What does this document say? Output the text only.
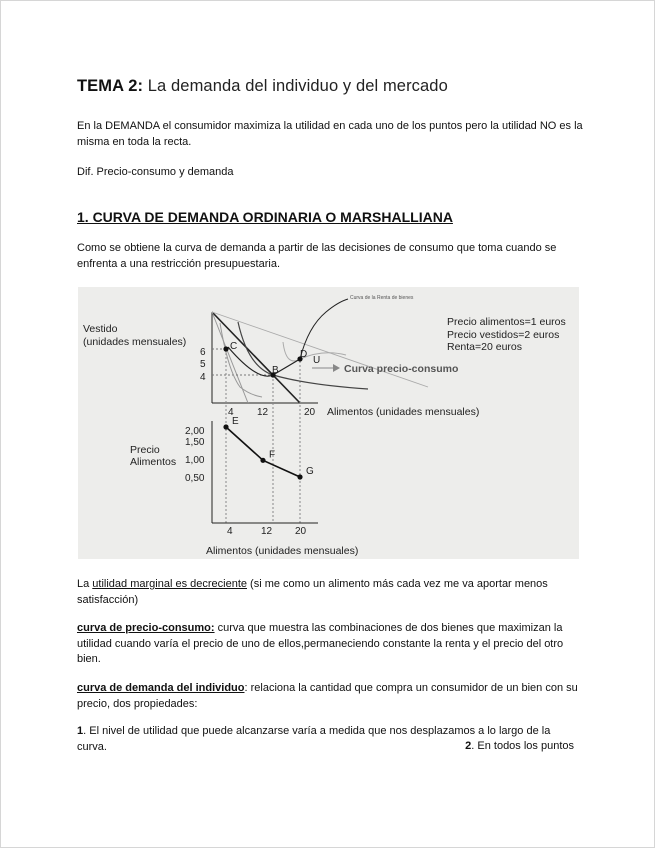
TEMA 2: La demanda del individuo y del mercado
En la DEMANDA el consumidor maximiza la utilidad en cada uno de los puntos pero la utilidad NO es la misma en toda la recta.
Dif. Precio-consumo y demanda
1. CURVA DE DEMANDA ORDINARIA O MARSHALLIANA
Como se obtiene la curva de demanda a partir de las decisiones de consumo que toma cuando se enfrenta a una restricción presupuestaria.
Vestido
(unidades mensuales)
6
5
4
4 12	20 Alimentos (unidades mensuales)
C
B
D
U
Curva precio-consumo
Curva de la Renta de bienes
Precio alimentos=1 euros
Precio vestidos=2 euros
Renta=20 euros
Precio
Alimentos
2,00
1,50
1,00
0,50
4	12 20
Alimentos (unidades mensuales)
E
F
G
La utilidad marginal es decreciente (si me como un alimento más cada vez me va aportar menos satisfacción)
curva de precio-consumo: curva que muestra las combinaciones de dos bienes que maximizan la utilidad cuando varía el precio de uno de ellos,permaneciendo constante la renta y el precio del otro bien.
curva de demanda del individuo: relaciona la cantidad que compra un consumidor de un bien con su precio, dos propiedades:
1. El nivel de utilidad que puede alcanzarse varía a medida que nos desplazamos a lo largo de la curva.	2. En todos los puntos
